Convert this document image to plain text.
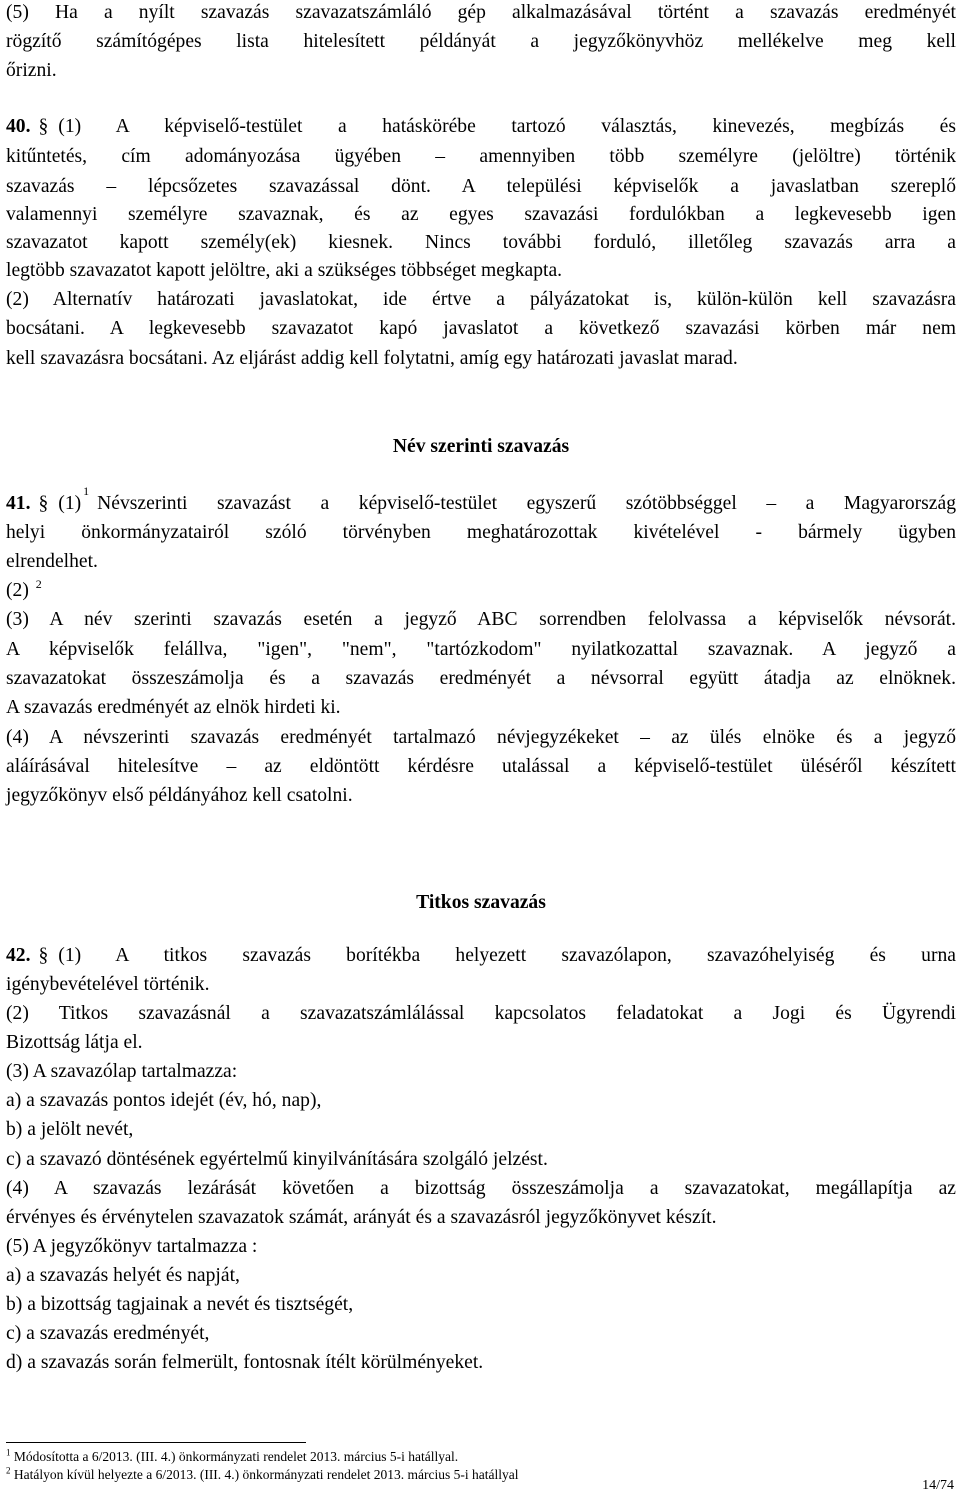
(5) Ha a nyílt szavazás szavazatszámláló gép alkalmazásával történt a szavazás eredményét
rögzítő számítógépes lista hitelesített példányát a jegyzőkönyvhöz mellékelve meg kell
őrizni.
40. § (1) A képviselő-testület a hatáskörébe tartozó választás, kinevezés, megbízás és
kitűntetés, cím adományozása ügyében – amennyiben több személyre (jelöltre) történik
szavazás – lépcsőzetes szavazással dönt. A települési képviselők a javaslatban szereplő
valamennyi személyre szavaznak, és az egyes szavazási fordulókban a legkevesebb igen
szavazatot kapott személy(ek) kiesnek. Nincs további forduló, illetőleg szavazás arra a
legtöbb szavazatot kapott jelöltre, aki a szükséges többséget megkapta.
(2) Alternatív határozati javaslatokat, ide értve a pályázatokat is, külön-külön kell szavazásra
bocsátani. A legkevesebb szavazatot kapó javaslatot a következő szavazási körben már nem
kell szavazásra bocsátani. Az eljárást addig kell folytatni, amíg egy határozati javaslat marad.
Név szerinti szavazás
41. § (1)
1
Névszerinti szavazást a képviselő-testület egyszerű szótöbbséggel – a Magyarország
helyi önkormányzatairól szóló törvényben meghatározottak kivételével - bármely ügyben
elrendelhet.
(2) $^2$
(3) A név szerinti szavazás esetén a jegyző ABC sorrendben felolvassa a képviselők névsorát.
A képviselők felállva, "igen", "nem", "tartózkodom" nyilatkozattal szavaznak. A jegyző a
szavazatokat összeszámolja és a szavazás eredményét a névsorral együtt átadja az elnöknek.
A szavazás eredményét az elnök hirdeti ki.
(4) A névszerinti szavazás eredményét tartalmazó névjegyzékeket – az ülés elnöke és a jegyző
aláírásával hitelesítve – az eldöntött kérdésre utalással a képviselő-testület üléséről készített
jegyzőkönyv első példányához kell csatolni.
Titkos szavazás
42. § (1) A titkos szavazás borítékba helyezett szavazólapon, szavazóhelyiség és urna
igénybevételével történik.
(2) Titkos szavazásnál a szavazatszámlálással kapcsolatos feladatokat a Jogi és Ügyrendi
Bizottság látja el.
(3) A szavazólap tartalmazza:
a) a szavazás pontos idejét (év, hó, nap),
b) a jelölt nevét,
c) a szavazó döntésének egyértelmű kinyilvánítására szolgáló jelzést.
(4) A szavazás lezárását követően a bizottság összeszámolja a szavazatokat, megállapítja az
érvényes és érvénytelen szavazatok számát, arányát és a szavazásról jegyzőkönyvet készít.
(5) A jegyzőkönyv tartalmazza :
a) a szavazás helyét és napját,
b) a bizottság tagjainak a nevét és tisztségét,
c) a szavazás eredményét,
d) a szavazás során felmerült, fontosnak ítélt körülményeket.
$^1$ Módosította a 6/2013. (III. 4.) önkormányzati rendelet 2013. március 5-i hatállyal.
$^2$ Hatályon kívül helyezte a 6/2013. (III. 4.) önkormányzati rendelet 2013. március 5-i hatállyal
14/74
